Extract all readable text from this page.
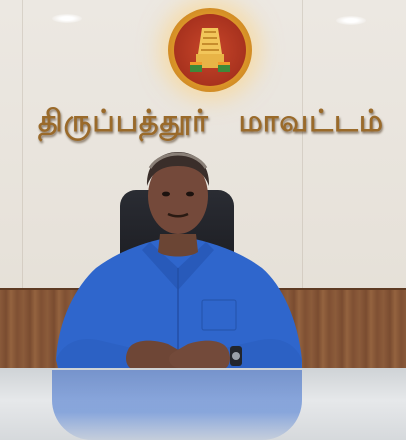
திருப்பத்தூர் மாவட்டம்
